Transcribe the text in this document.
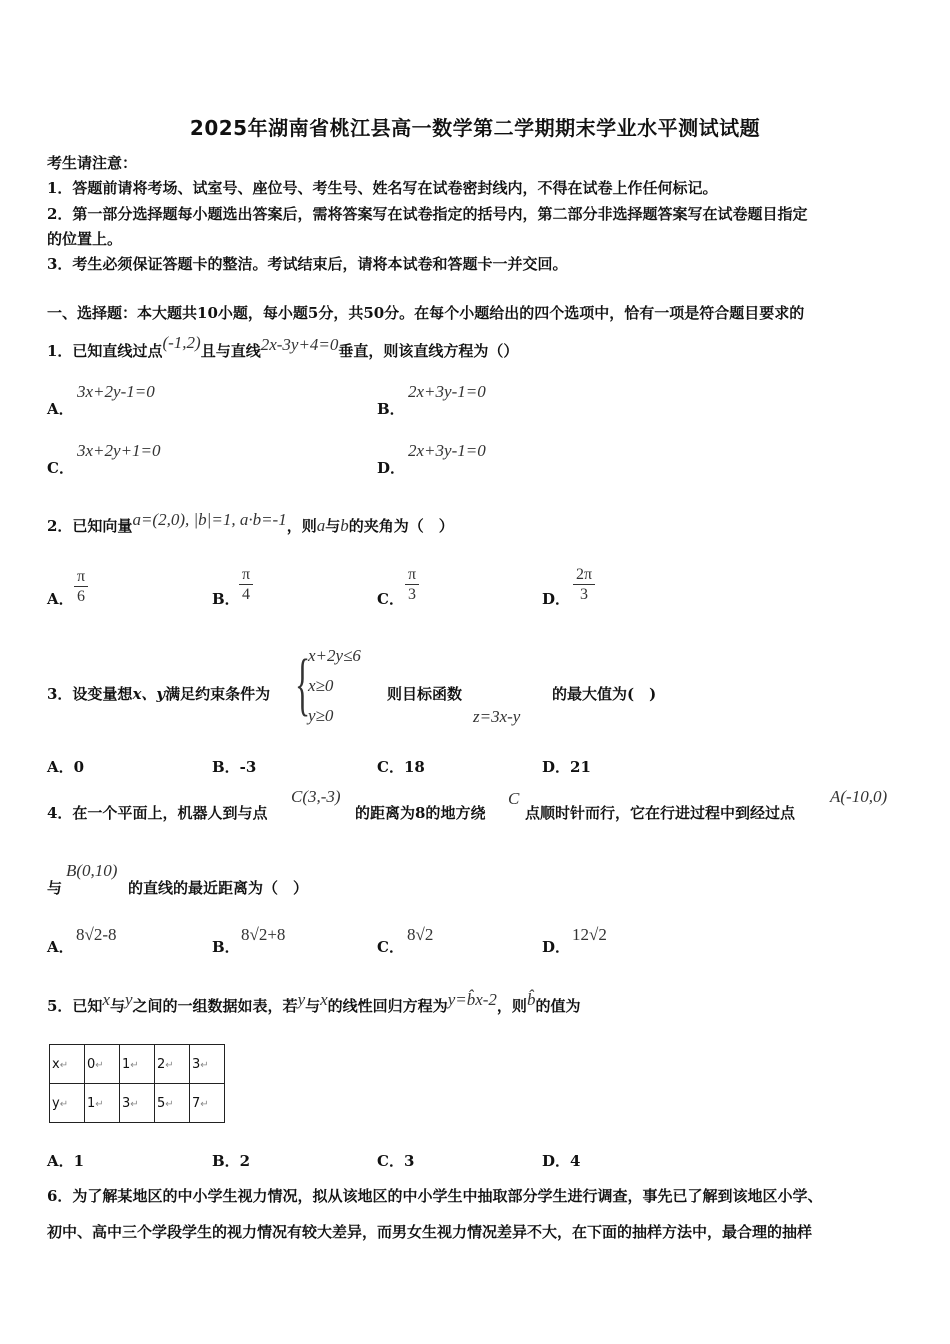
2025年湖南省桃江县高一数学第二学期期末学业水平测试试题
考生请注意：
1．答题前请将考场、试室号、座位号、考生号、姓名写在试卷密封线内，不得在试卷上作任何标记。
2．第一部分选择题每小题选出答案后，需将答案写在试卷指定的括号内，第二部分非选择题答案写在试卷题目指定
的位置上。
3．考生必须保证答题卡的整洁。考试结束后，请将本试卷和答题卡一并交回。
一、选择题：本大题共10小题，每小题5分，共50分。在每个小题给出的四个选项中，恰有一项是符合题目要求的
1．已知直线过点(-1,2)且与直线2x-3y+4=0垂直，则该直线方程为（）
A．
3x+2y-1=0
B．
2x+3y-1=0
C．
3x+2y+1=0
D．
2x+3y-1=0
2．已知向量a=(2,0), |b|=1, a·b=-1，则a与b的夹角为（　）
A． $\frac{\pi}{6}$	B． $\frac{\pi}{4}$	C． $\frac{\pi}{3}$	D． $\frac{2\pi}{3}$
3．设变量想x、y满足约束条件为 {
x+2y≤6
x≥0
y≥0
则目标函数
z=3x-y
的最大值为(　)
A．0	B．-3	C．18	D．21
4．在一个平面上，机器人到与点
C(3,-3)
的距离为8的地方绕
C
点顺时针而行，它在行进过程中到经过点
A(-10,0)
与
B(0,10)
的直线的最近距离为（　）
A．
8√2-8
B．
8√2+8
C．
8√2
D．
12√2
5．已知x与y之间的一组数据如表，若y与x的线性回归方程为y=b̂x-2，则b̂的值为
x↵	0↵	1↵	2↵	3↵
y↵	1↵	3↵	5↵	7↵
A．1	B．2	C．3	D．4
6．为了解某地区的中小学生视力情况，拟从该地区的中小学生中抽取部分学生进行调查，事先已了解到该地区小学、
初中、高中三个学段学生的视力情况有较大差异，而男女生视力情况差异不大，在下面的抽样方法中，最合理的抽样
